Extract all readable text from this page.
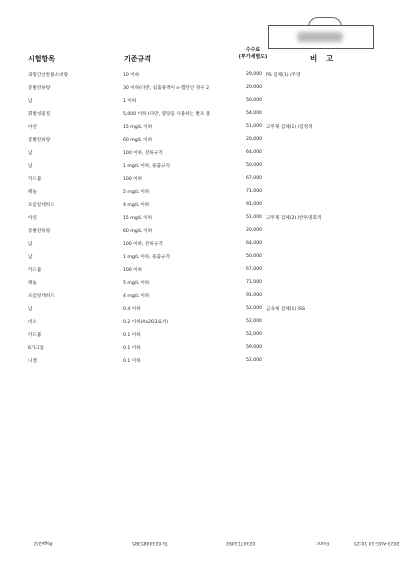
시험항목	기준규격
수수료
(부가세별도)	비 고
과망간산칼륨소비량	10 이하	29,000 PS 검체(1) /주영
증발잔류량	30 이하(다만, 침출용액이 n-헵탄인 경우 2	20,000
납	1 이하	50,000
휘발성물질	5,000 이하 (다만, 열탕을 사용하는 발포 폴	54,000
아연	15 mg/L 이하	51,000 고무제 검체(1) /검정색
증발잔류량	60 mg/L 이하	20,000
납	100 이하, 잔류규격	64,000
납	1 mg/L 이하, 용출규격	50,000
카드뮴	100 이하	67,000
페놀	5 mg/L 이하	71,000
포름알데히드	4 mg/L 이하	91,000
아연	15 mg/L 이하	51,000 고무제 검체(2) /반투명회색
증발잔류량	60 mg/L 이하	20,000
납	100 이하, 잔류규격	64,000
납	1 mg/L 이하, 용출규격	50,000
카드뮴	100 이하	67,000
페놀	5 mg/L 이하	71,000
포름알데히드	4 mg/L 이하	91,000
납	0.4 이하	52,000 금속제 검체(1) /SS
비소	0.2 이하(As2O3로서)	52,000
카드뮴	0.1 이하	52,000
6가크롬	0.1 이하	59,000
니켈	0.1 이하	52,000
Page2/2	To:0234485385	0234713492	From:	2023-AUG-14 10:25
